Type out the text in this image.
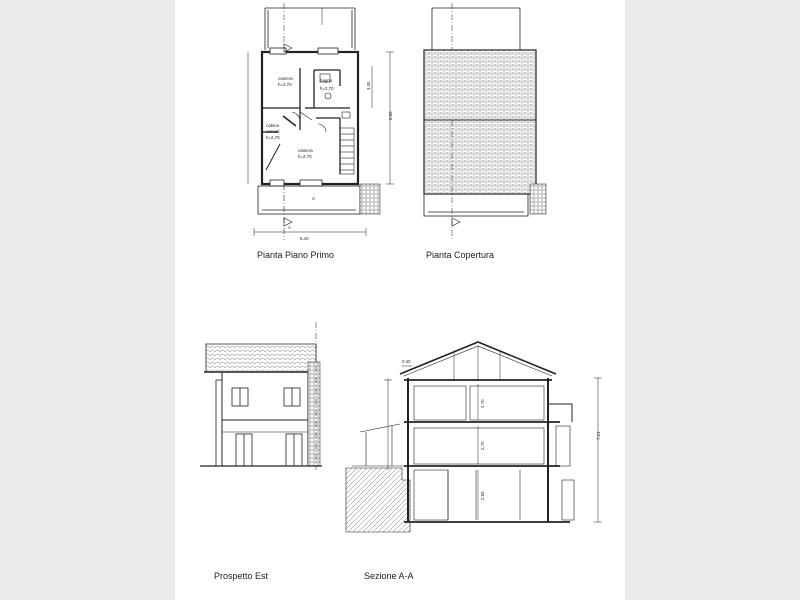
camera
h=2,70
bagno
h=2,70
cabina
armadi
h=2,70
camera
h=2,70
A
A
6.40
8.65
3.30
0.40
7.21
2.70
2.70
2.65
Pianta Piano Primo	Pianta Copertura
Prospetto Est	Sezione A-A
